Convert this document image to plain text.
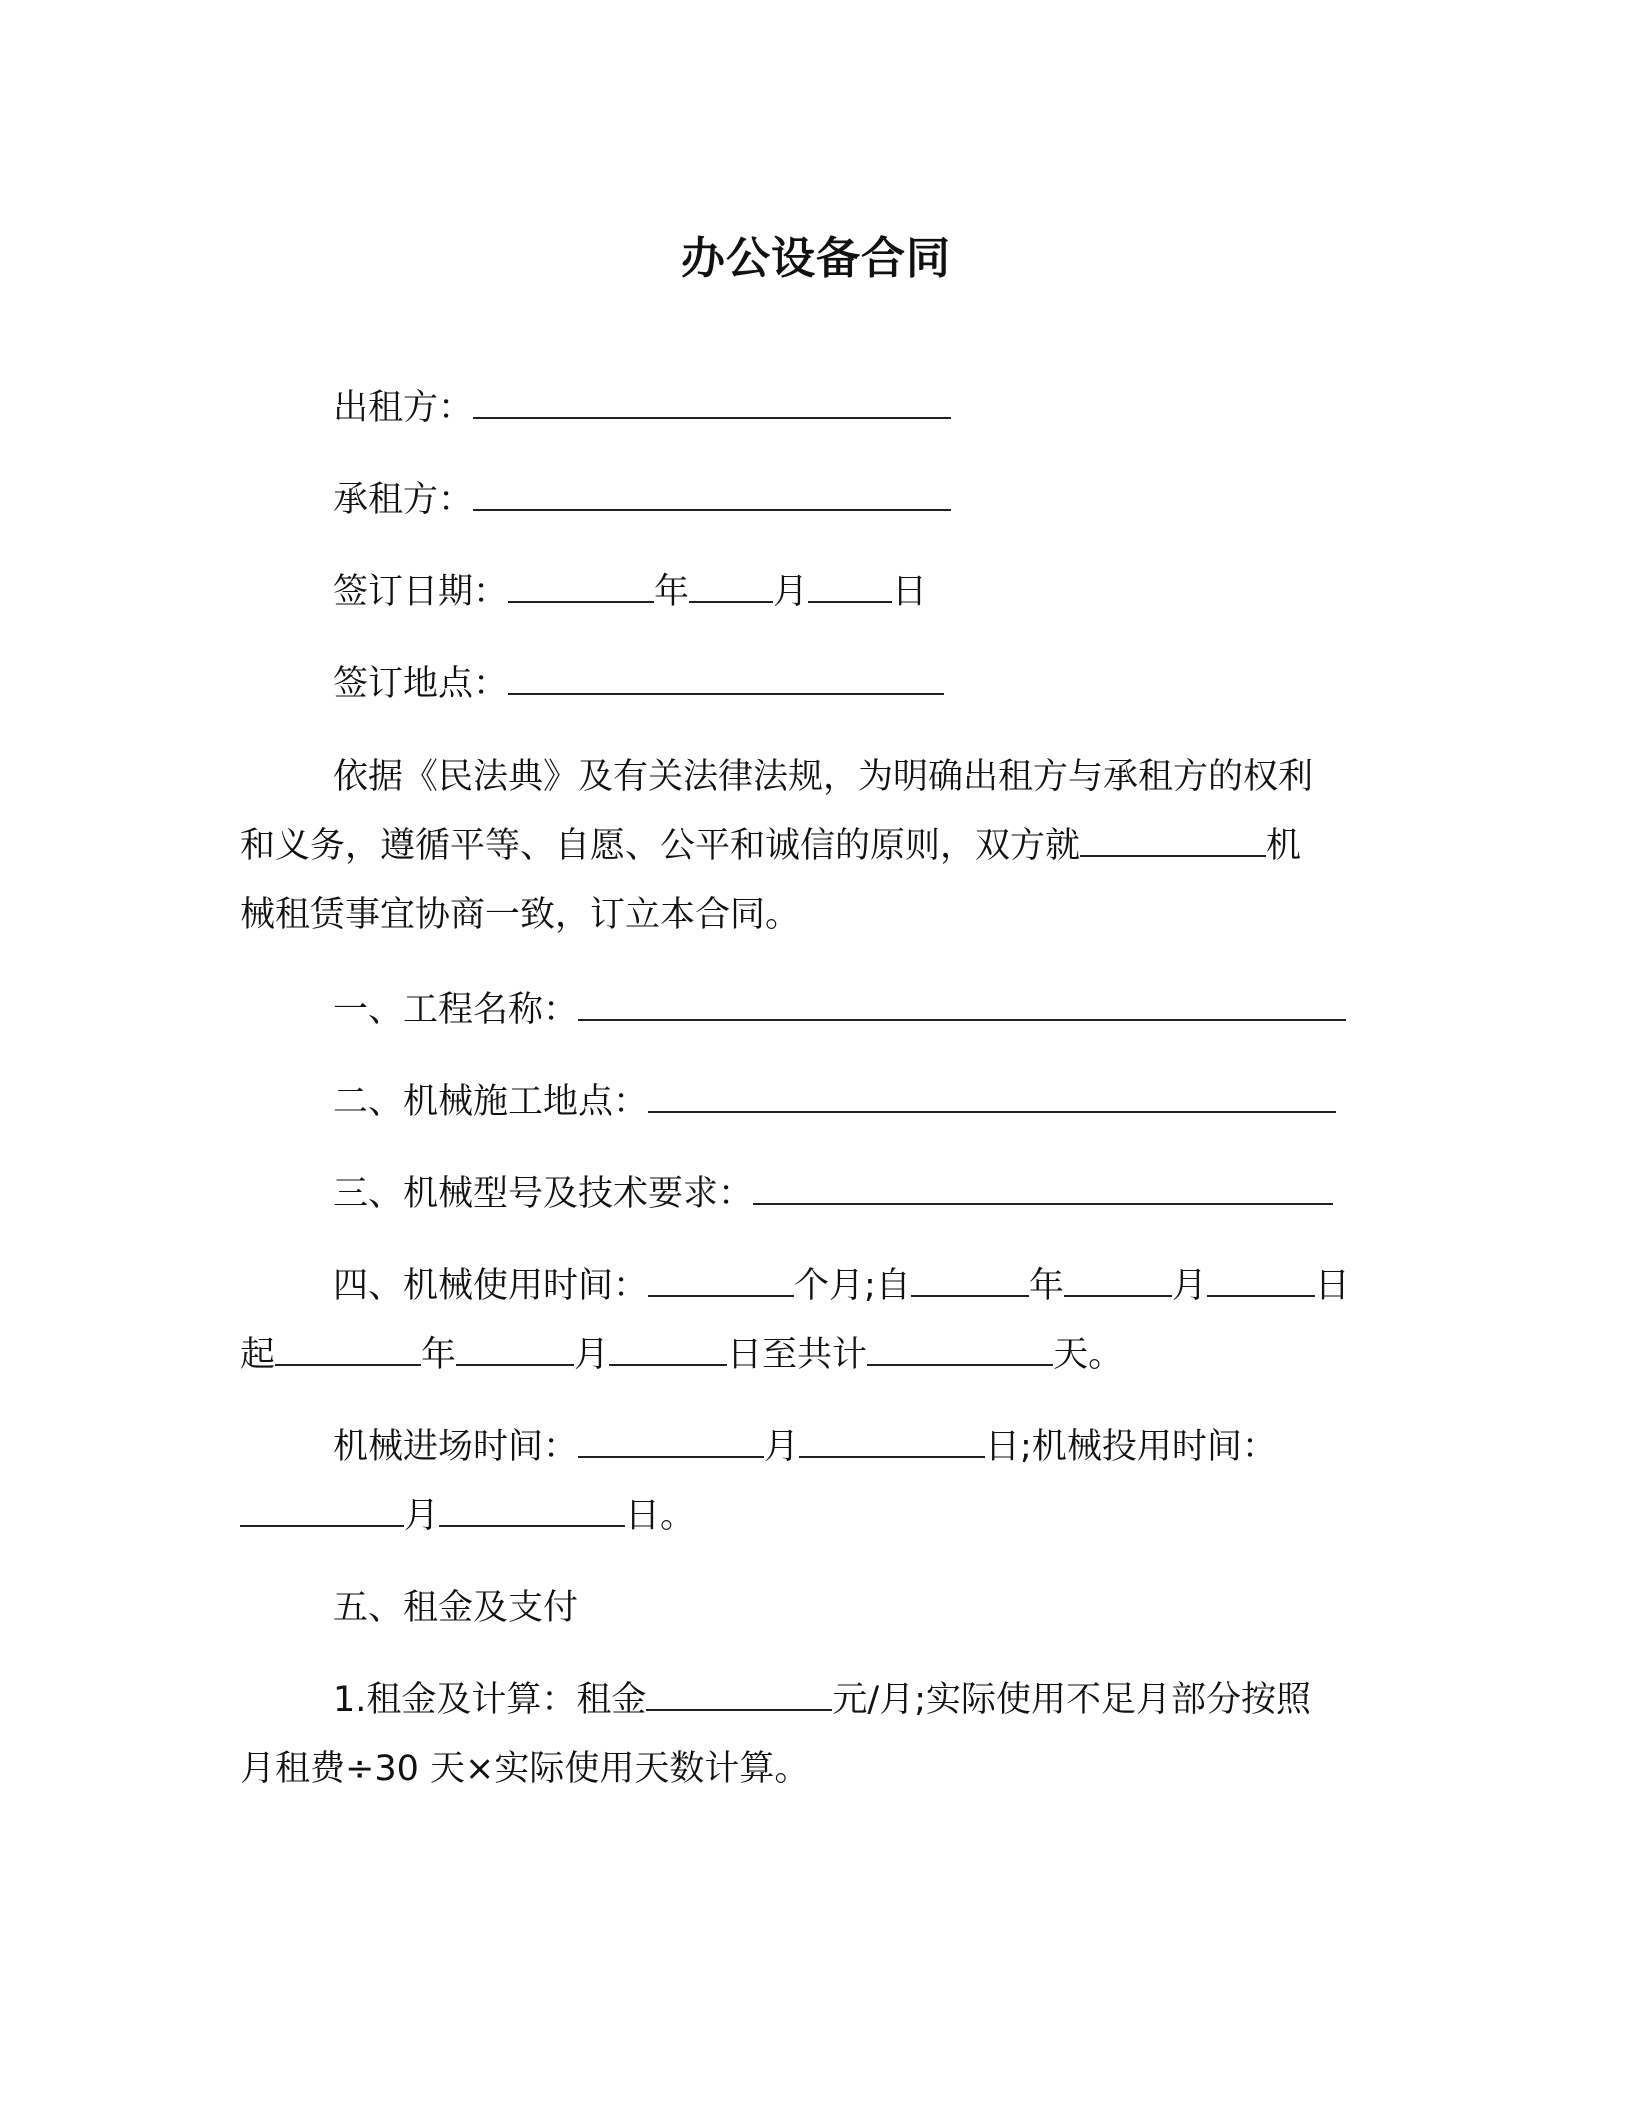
办公设备合同
出租方：
承租方：
签订日期：	年 月 日
签订地点：
依据《民法典》及有关法律法规，为明确出租方与承租方的权利
和义务，遵循平等、自愿、公平和诚信的原则，双方就	机
械租赁事宜协商一致，订立本合同。
一、工程名称：
二、机械施工地点：
三、机械型号及技术要求：
四、机械使用时间：	个月;自	年	月	日
起	年	月	日至共计	天。
机械进场时间：	月	日;机械投用时间：
月	日。
五、租金及支付
1.租金及计算：租金	元/月;实际使用不足月部分按照
月租费÷30 天×实际使用天数计算。
